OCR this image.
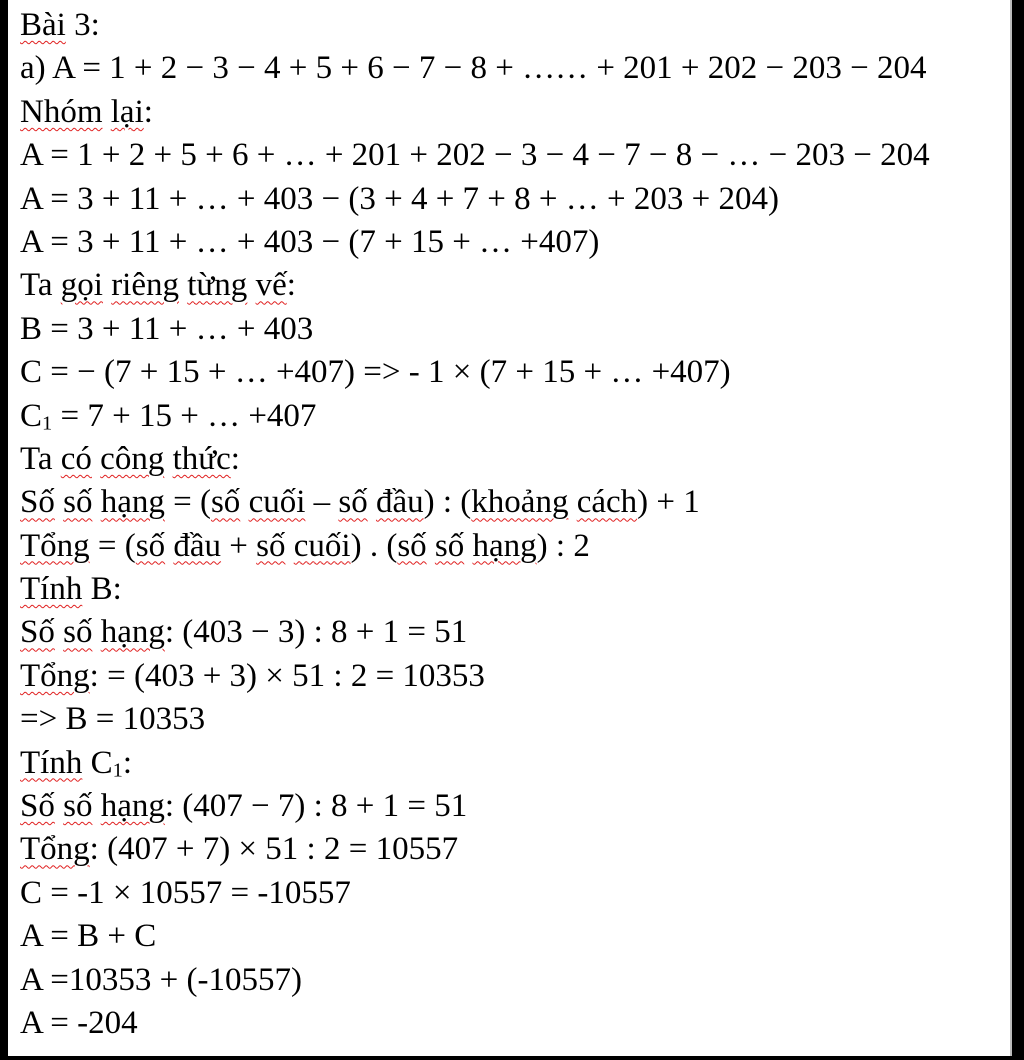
Bài 3:
a) A = 1 + 2 − 3 − 4 + 5 + 6 − 7 − 8 + …… + 201 + 202 − 203 − 204
Nhóm lại:
A = 1 + 2 + 5 + 6 + … + 201 + 202 − 3 − 4 − 7 − 8 − … − 203 − 204
A = 3 + 11 + … + 403 − (3 + 4 + 7 + 8 + … + 203 + 204)
A = 3 + 11 + … + 403 − (7 + 15 + … +407)
Ta gọi riêng từng vế:
B = 3 + 11 + … + 403
C = − (7 + 15 + … +407) => - 1 × (7 + 15 + … +407)
$C_1 = 7 + 15$ + … +407
Ta có công thức:
Số số hạng = (số cuối – số đầu) : (khoảng cách) + 1
Tổng = (số đầu + số cuối) . (số số hạng) : 2
Tính B:
Số số hạng: (403 − 3) : 8 + 1 = 51
Tổng: = (403 + 3) × 51 : 2 = 10353
=> B = 10353
Tính $C_1$:
Số số hạng: (407 − 7) : 8 + 1 = 51
Tổng: (407 + 7) × 51 : 2 = 10557
C = -1 × 10557 = -10557
A = B + C
A =10353 + (-10557)
A = -204
